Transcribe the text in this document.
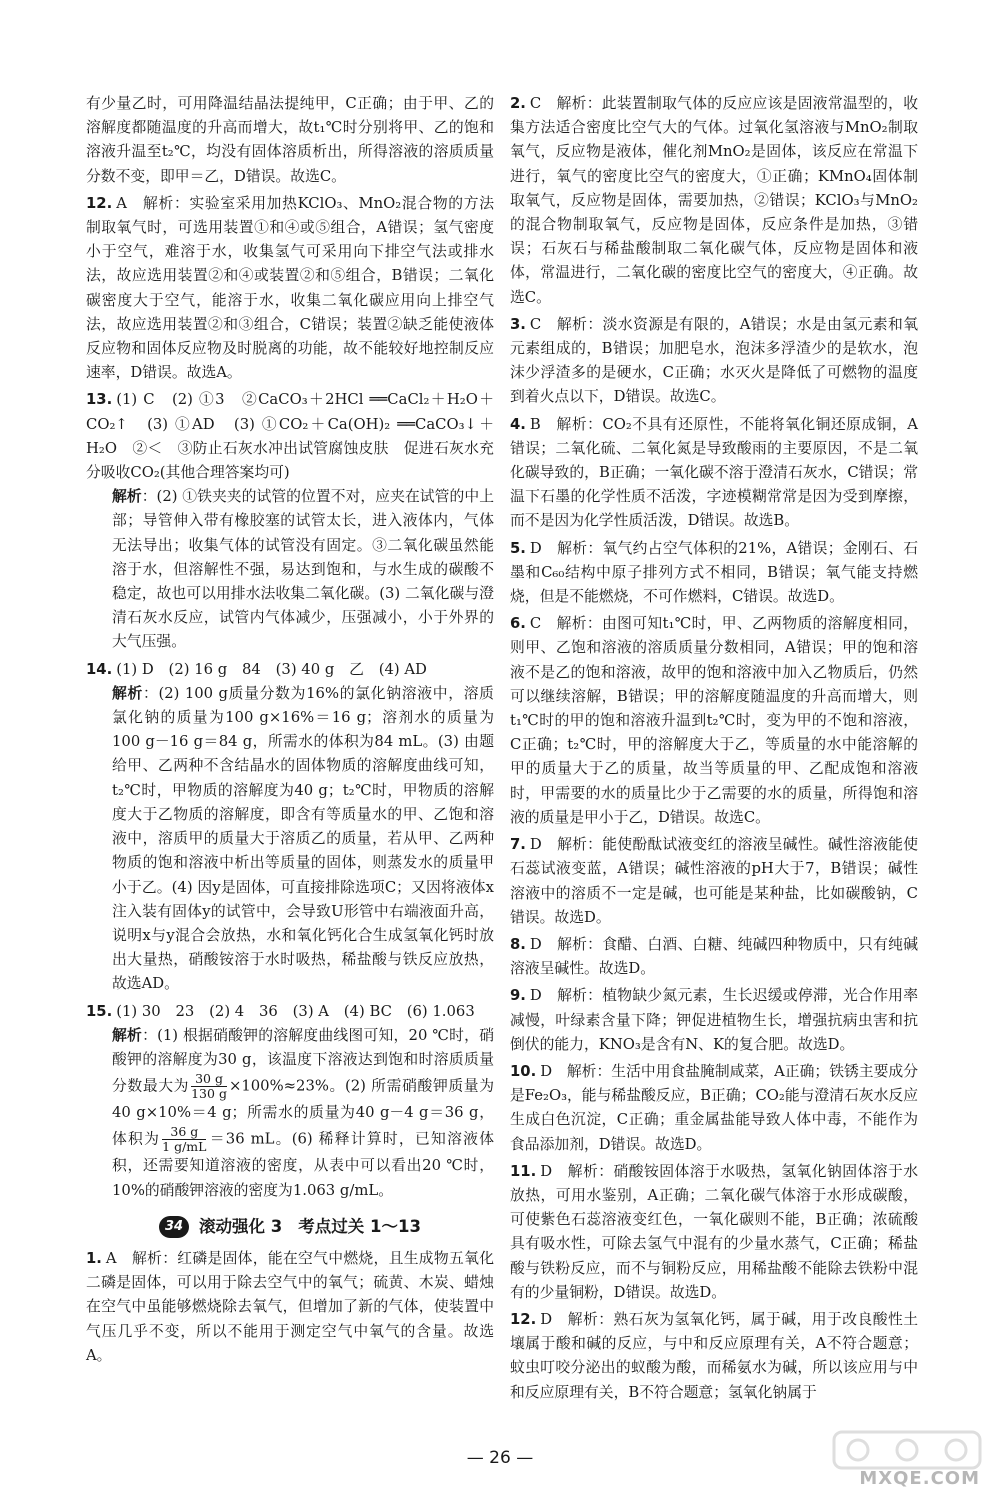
有少量乙时，可用降温结晶法提纯甲，C正确；由于甲、乙的溶解度都随温度的升高而增大，故t₁℃时分别将甲、乙的饱和溶液升温至t₂℃，均没有固体溶质析出，所得溶液的溶质质量分数不变，即甲＝乙，D错误。故选C。

12. A　解析：实验室采用加热KClO₃、MnO₂混合物的方法制取氧气时，可选用装置①和④或⑤组合，A错误；氢气密度小于空气，难溶于水，收集氢气可采用向下排空气法或排水法，故应选用装置②和④或装置②和⑤组合，B错误；二氧化碳密度大于空气，能溶于水，收集二氧化碳应用向上排空气法，故应选用装置②和③组合，C错误；装置②缺乏能使液体反应物和固体反应物及时脱离的功能，故不能较好地控制反应速率，D错误。故选A。

13. (1) C　(2) ①3　②CaCO₃＋2HCl ══CaCl₂＋H₂O＋CO₂↑　(3) ①AD　(3) ①CO₂＋Ca(OH)₂ ══CaCO₃↓＋H₂O　②＜　③防止石灰水冲出试管腐蚀皮肤　促进石灰水充分吸收CO₂(其他合理答案均可)

解析：(2) ①铁夹夹的试管的位置不对，应夹在试管的中上部；导管伸入带有橡胶塞的试管太长，进入液体内，气体无法导出；收集气体的试管没有固定。③二氧化碳虽然能溶于水，但溶解性不强，易达到饱和，与水生成的碳酸不稳定，故也可以用排水法收集二氧化碳。(3) 二氧化碳与澄清石灰水反应，试管内气体减少，压强减小，小于外界的大气压强。

14. (1) D　(2) 16 g　84　(3) 40 g　乙　(4) AD

解析：(2) 100 g质量分数为16%的氯化钠溶液中，溶质氯化钠的质量为100 g×16%＝16 g；溶剂水的质量为100 g－16 g＝84 g，所需水的体积为84 mL。(3) 由题给甲、乙两种不含结晶水的固体物质的溶解度曲线可知，t₂℃时，甲物质的溶解度为40 g；t₂℃时，甲物质的溶解度大于乙物质的溶解度，即含有等质量水的甲、乙饱和溶液中，溶质甲的质量大于溶质乙的质量，若从甲、乙两种物质的饱和溶液中析出等质量的固体，则蒸发水的质量甲小于乙。(4) 因y是固体，可直接排除选项C；又因将液体x注入装有固体y的试管中，会导致U形管中右端液面升高，说明x与y混合会放热，水和氧化钙化合生成氢氧化钙时放出大量热，硝酸铵溶于水时吸热，稀盐酸与铁反应放热，故选AD。

15. (1) 30　23　(2) 4　36　(3) A　(4) BC　(6) 1.063

解析：(1) 根据硝酸钾的溶解度曲线图可知，20 ℃时，硝酸钾的溶解度为30 g，该温度下溶液达到饱和时溶质质量分数最大为 $\frac{30 g}{130 g} \times 100\%\approx 23\%$。(2) 所需硝酸钾质量为40 g×10%＝4 g；所需水的质量为40 g－4 g＝36 g，体积为 $\frac{36 g}{1 g/mL} =36$ mL。(6) 稀释计算时，已知溶液体积，还需要知道溶液的密度，从表中可以看出20 ℃时，10%的硝酸钾溶液的密度为1.063 g/mL。

34 滚动强化 3 考点过关 1～13

1. A　解析：红磷是固体，能在空气中燃烧，且生成物五氧化二磷是固体，可以用于除去空气中的氧气；硫黄、木炭、蜡烛在空气中虽能够燃烧除去氧气，但增加了新的气体，使装置中气压几乎不变，所以不能用于测定空气中氧气的含量。故选A。

2. C　解析：此装置制取气体的反应应该是固液常温型的，收集方法适合密度比空气大的气体。过氧化氢溶液与MnO₂制取氧气，反应物是液体，催化剂MnO₂是固体，该反应在常温下进行，氧气的密度比空气的密度大，①正确；KMnO₄固体制取氧气，反应物是固体，需要加热，②错误；KClO₃与MnO₂的混合物制取氧气，反应物是固体，反应条件是加热，③错误；石灰石与稀盐酸制取二氧化碳气体，反应物是固体和液体，常温进行，二氧化碳的密度比空气的密度大，④正确。故选C。

3. C　解析：淡水资源是有限的，A错误；水是由氢元素和氧元素组成的，B错误；加肥皂水，泡沫多浮渣少的是软水，泡沫少浮渣多的是硬水，C正确；水灭火是降低了可燃物的温度到着火点以下，D错误。故选C。

4. B　解析：CO₂不具有还原性，不能将氧化铜还原成铜，A错误；二氧化硫、二氧化氮是导致酸雨的主要原因，不是二氧化碳导致的，B正确；一氧化碳不溶于澄清石灰水，C错误；常温下石墨的化学性质不活泼，字迹模糊常常是因为受到摩擦，而不是因为化学性质活泼，D错误。故选B。

5. D　解析：氧气约占空气体积的21%，A错误；金刚石、石墨和C₆₀结构中原子排列方式不相同，B错误；氧气能支持燃烧，但是不能燃烧，不可作燃料，C错误。故选D。

6. C　解析：由图可知t₁℃时，甲、乙两物质的溶解度相同，则甲、乙饱和溶液的溶质质量分数相同，A错误；甲的饱和溶液不是乙的饱和溶液，故甲的饱和溶液中加入乙物质后，仍然可以继续溶解，B错误；甲的溶解度随温度的升高而增大，则t₁℃时的甲的饱和溶液升温到t₂℃时，变为甲的不饱和溶液，C正确；t₂℃时，甲的溶解度大于乙，等质量的水中能溶解的甲的质量大于乙的质量，故当等质量的甲、乙配成饱和溶液时，甲需要的水的质量比少于乙需要的水的质量，所得饱和溶液的质量是甲小于乙，D错误。故选C。

7. D　解析：能使酚酞试液变红的溶液呈碱性。碱性溶液能使石蕊试液变蓝，A错误；碱性溶液的pH大于7，B错误；碱性溶液中的溶质不一定是碱，也可能是某种盐，比如碳酸钠，C错误。故选D。

8. D　解析：食醋、白酒、白糖、纯碱四种物质中，只有纯碱溶液呈碱性。故选D。

9. D　解析：植物缺少氮元素，生长迟缓或停滞，光合作用率减慢，叶绿素含量下降；钾促进植物生长，增强抗病虫害和抗倒伏的能力，KNO₃是含有N、K的复合肥。故选D。

10. D　解析：生活中用食盐腌制咸菜，A正确；铁锈主要成分是Fe₂O₃，能与稀盐酸反应，B正确；CO₂能与澄清石灰水反应生成白色沉淀，C正确；重金属盐能导致人体中毒，不能作为食品添加剂，D错误。故选D。

11. D　解析：硝酸铵固体溶于水吸热，氢氧化钠固体溶于水放热，可用水鉴别，A正确；二氧化碳气体溶于水形成碳酸，可使紫色石蕊溶液变红色，一氧化碳则不能，B正确；浓硫酸具有吸水性，可除去氢气中混有的少量水蒸气，C正确；稀盐酸与铁粉反应，而不与铜粉反应，用稀盐酸不能除去铁粉中混有的少量铜粉，D错误。故选D。

12. D　解析：熟石灰为氢氧化钙，属于碱，用于改良酸性土壤属于酸和碱的反应，与中和反应原理有关，A不符合题意；蚊虫叮咬分泌出的蚁酸为酸，而稀氨水为碱，所以该应用与中和反应原理有关，B不符合题意；氢氧化钠属于

— 26 —
MXQE.COM
